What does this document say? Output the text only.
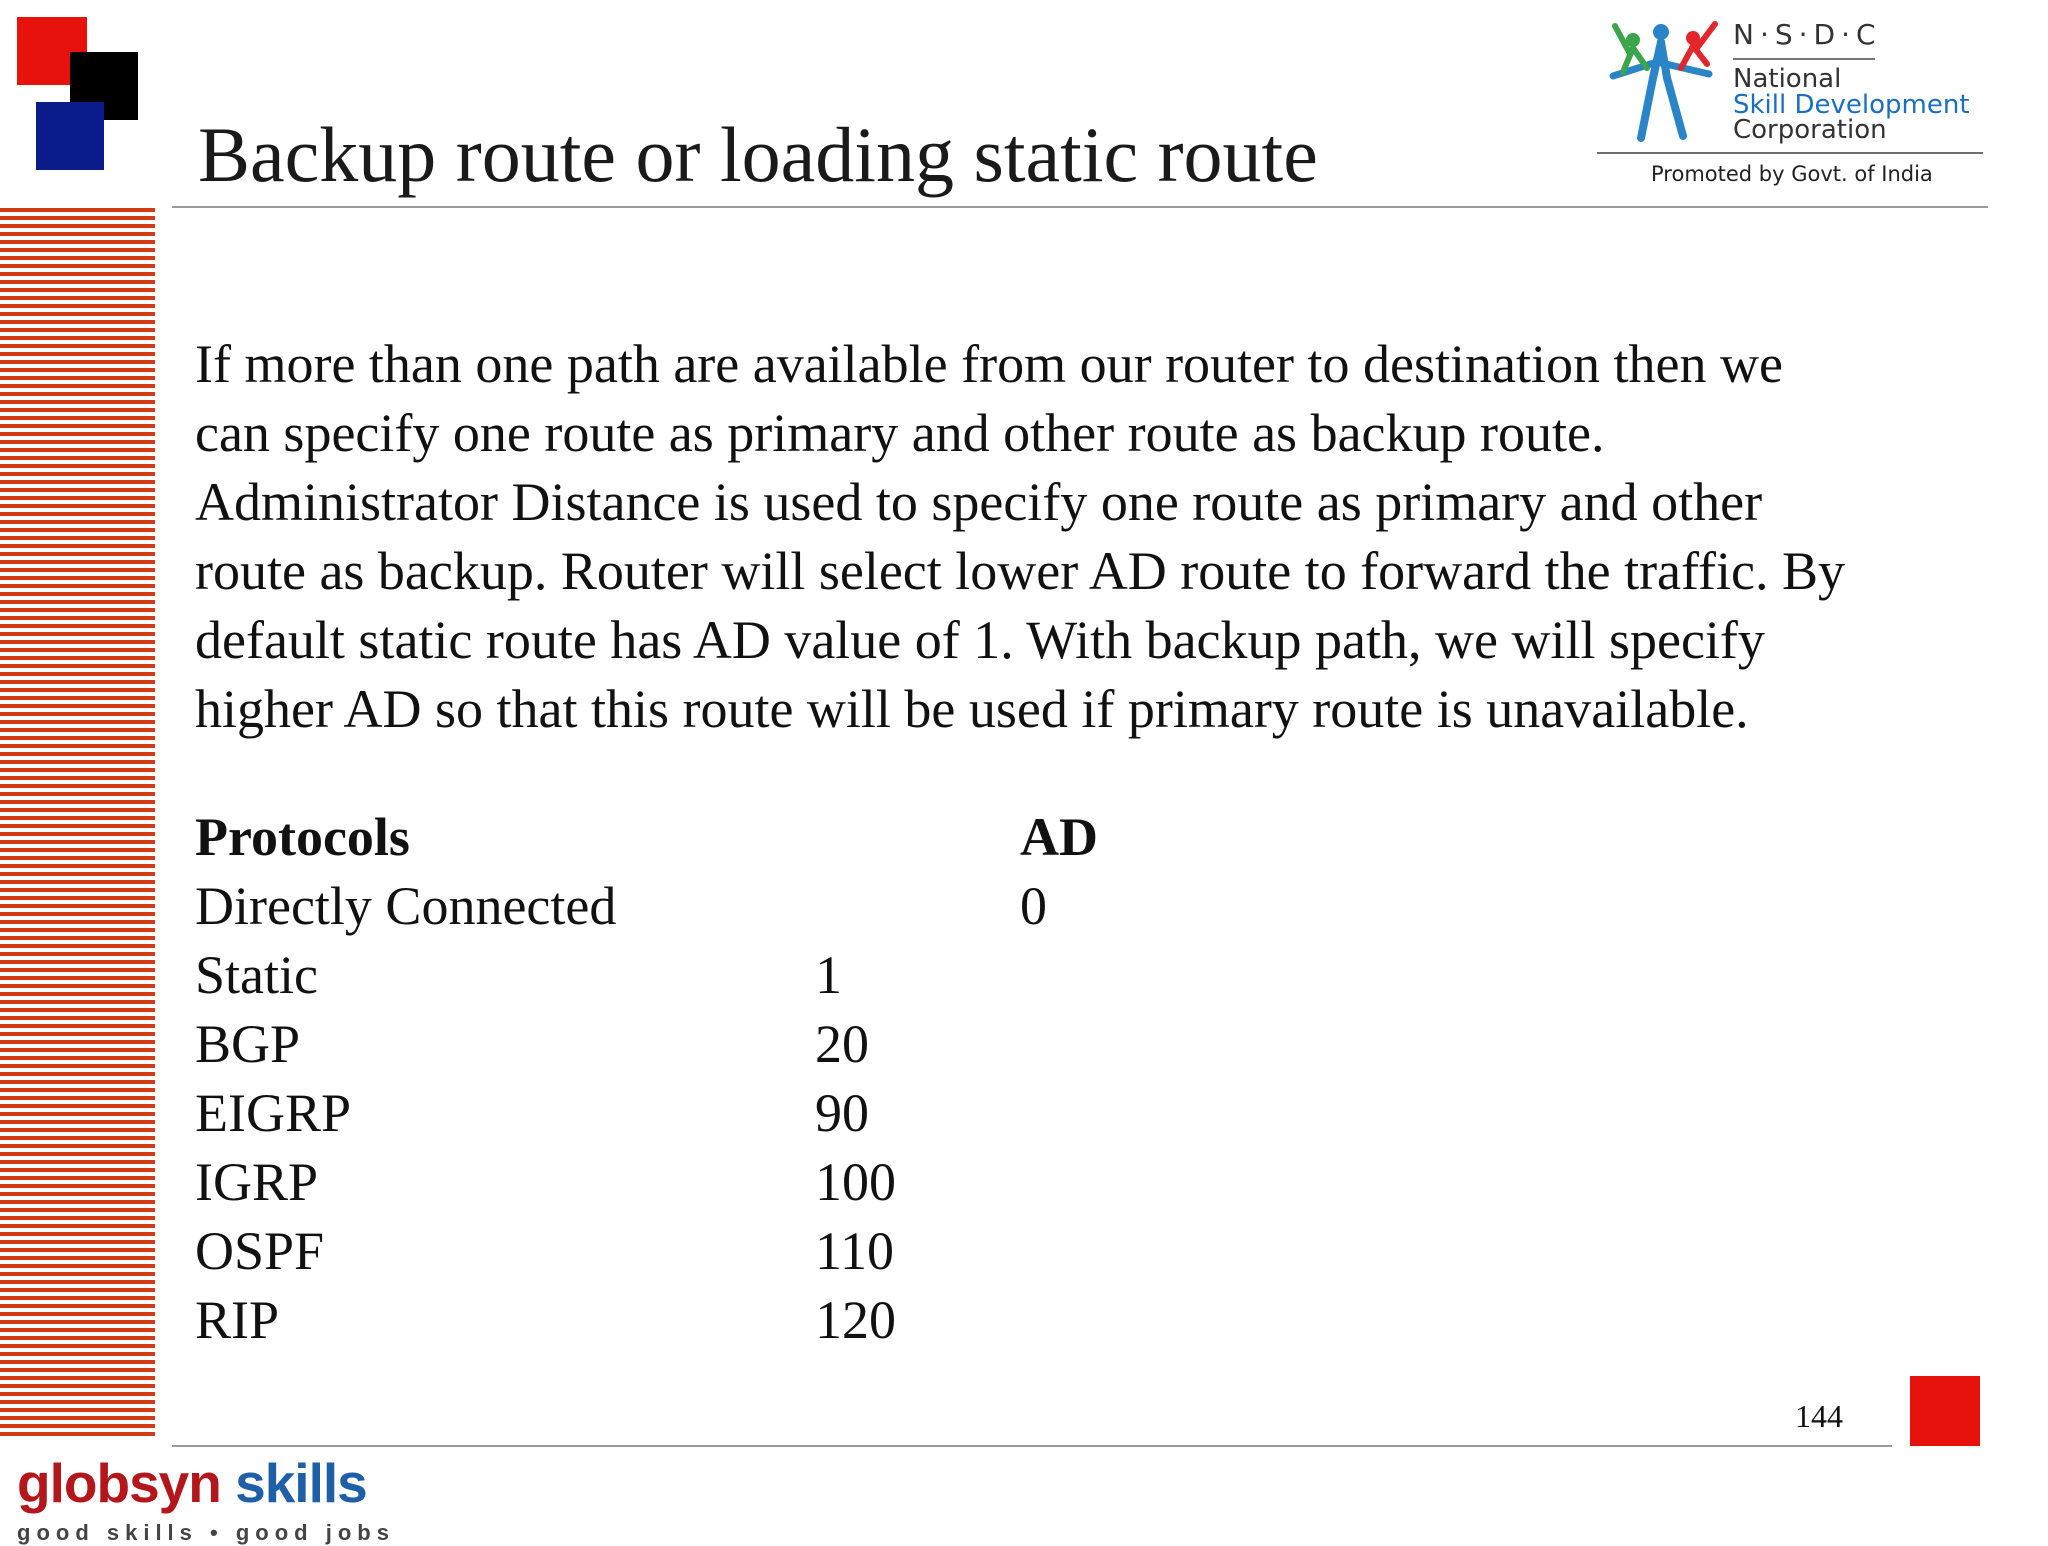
Backup route or loading static route
N·S·D·C
National
Skill Development
Corporation
Promoted by Govt. of India

If more than one path are available from our router to destination then we can specify one route as primary and other route as backup route. Administrator Distance is used to specify one route as primary and other route as backup. Router will select lower AD route to forward the traffic. By default static route has AD value of 1. With backup path, we will specify higher AD so that this route will be used if primary route is unavailable.

Protocols	AD
Directly Connected	0
Static	1
BGP	20
EIGRP	90
IGRP	100
OSPF	110
RIP	120
144
globsyn skills
good skills • good jobs
